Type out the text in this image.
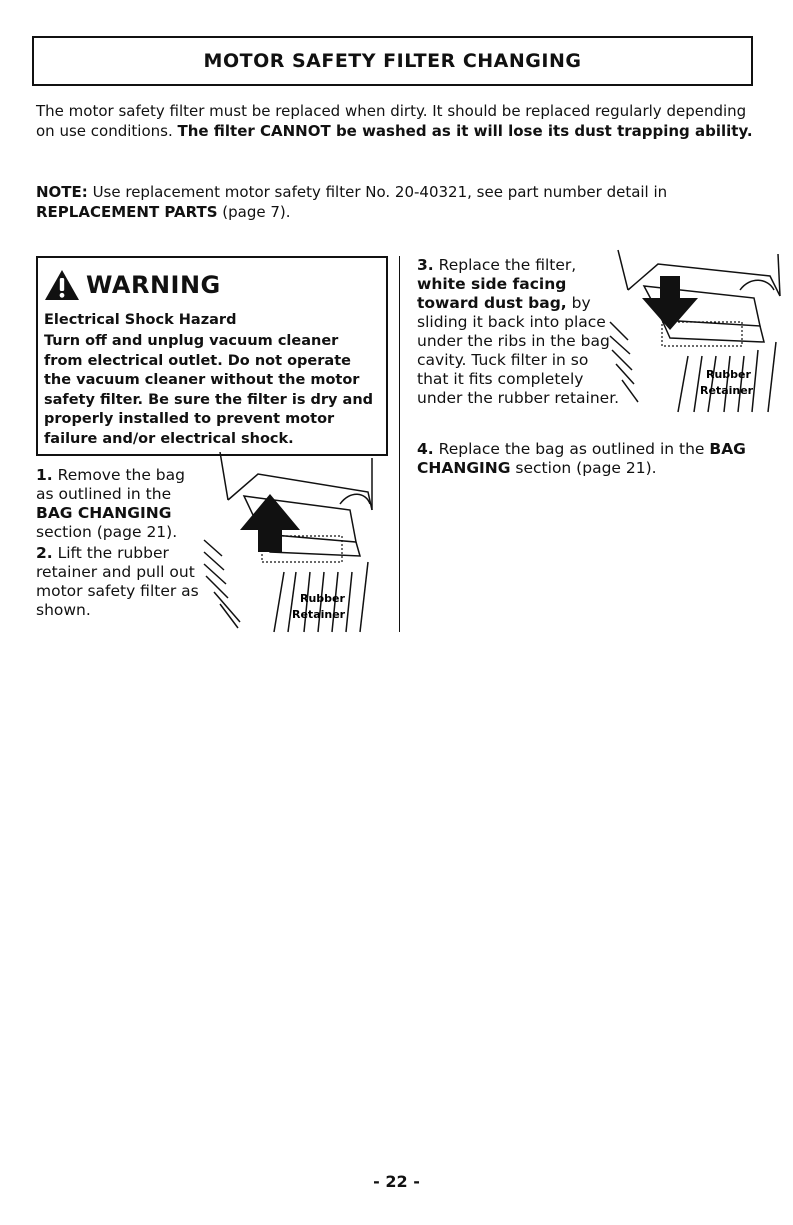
MOTOR SAFETY FILTER CHANGING

The motor safety filter must be replaced when dirty. It should be replaced regularly depending on use conditions. The filter CANNOT be washed as it will lose its dust trapping ability.

NOTE: Use replacement motor safety filter No. 20-40321, see part number detail in REPLACEMENT PARTS (page 7).

WARNING

Electrical Shock Hazard

Turn off and unplug vacuum cleaner from electrical outlet. Do not operate the vacuum cleaner without the motor safety filter. Be sure the filter is dry and properly installed to prevent motor failure and/or electrical shock.

1. Remove the bag as outlined in the BAG CHANGING section (page 21).

2. Lift the rubber retainer and pull out motor safety filter as shown.

Rubber
Retainer

3. Replace the filter, white side facing toward dust bag, by sliding it back into place under the ribs in the bag cavity. Tuck filter in so that it fits completely under the rubber retainer.

Rubber
Retainer

4. Replace the bag as outlined in the BAG CHANGING section (page 21).

- 22 -
